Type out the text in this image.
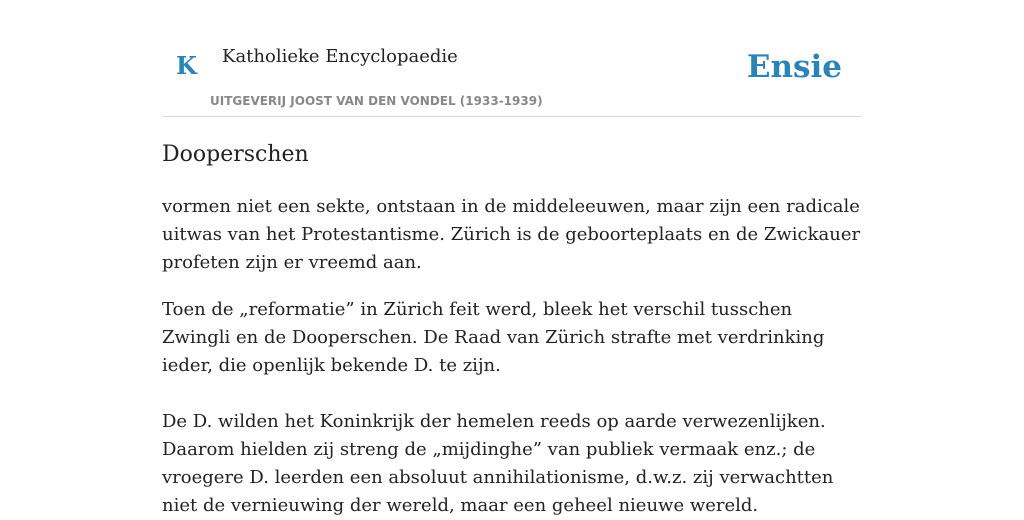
K Katholieke Encyclopaedie
UITGEVERIJ JOOST VAN DEN VONDEL (1933-1939)
Ensie
Dooperschen

vormen niet een sekte, ontstaan in de middeleeuwen, maar zijn een radicale uitwas van het Protestantisme. Zürich is de geboorteplaats en de Zwickauer profeten zijn er vreemd aan.

Toen de „reformatie” in Zürich feit werd, bleek het verschil tusschen Zwingli en de Dooperschen. De Raad van Zürich strafte met verdrinking ieder, die openlijk bekende D. te zijn.

De D. wilden het Koninkrijk der hemelen reeds op aarde verwezenlijken. Daarom hielden zij streng de „mijdinghe” van publiek vermaak enz.; de vroegere D. leerden een absoluut annihilationisme, d.w.z. zij verwachtten niet de vernieuwing der wereld, maar een geheel nieuwe wereld.
